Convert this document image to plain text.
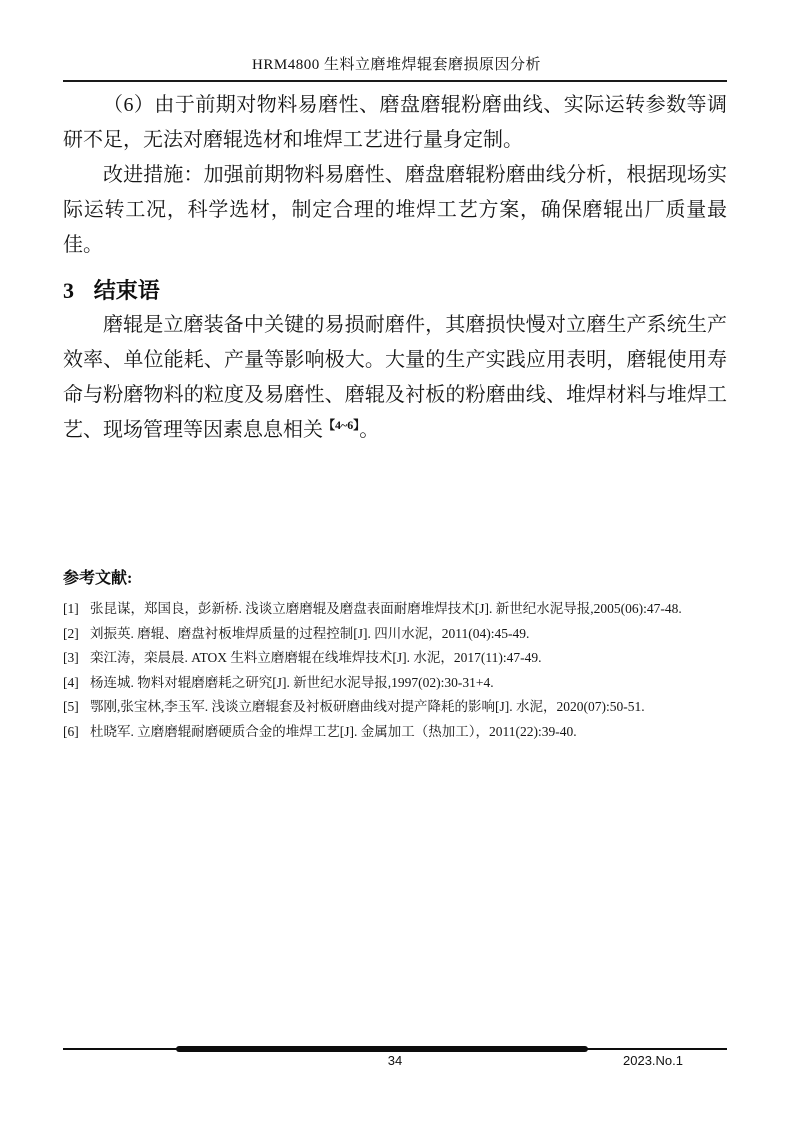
HRM4800 生料立磨堆焊辊套磨损原因分析

（6）由于前期对物料易磨性、磨盘磨辊粉磨曲线、实际运转参数等调研不足，无法对磨辊选材和堆焊工艺进行量身定制。

改进措施：加强前期物料易磨性、磨盘磨辊粉磨曲线分析，根据现场实际运转工况，科学选材，制定合理的堆焊工艺方案，确保磨辊出厂质量最佳。

3 结束语

磨辊是立磨装备中关键的易损耐磨件，其磨损快慢对立磨生产系统生产效率、单位能耗、产量等影响极大。大量的生产实践应用表明，磨辊使用寿命与粉磨物料的粒度及易磨性、磨辊及衬板的粉磨曲线、堆焊材料与堆焊工艺、现场管理等因素息息相关$^{【4\sim 6】}$。

参考文献:
[1] 张昆谋，郑国良，彭新桥. 浅谈立磨磨辊及磨盘表面耐磨堆焊技术[J]. 新世纪水泥导报,2005(06):47-48.
[2] 刘振英. 磨辊、磨盘衬板堆焊质量的过程控制[J]. 四川水泥，2011(04):45-49.
[3] 栾江涛，栾晨晨. ATOX 生料立磨磨辊在线堆焊技术[J]. 水泥，2017(11):47-49.
[4] 杨连城. 物料对辊磨磨耗之研究[J]. 新世纪水泥导报,1997(02):30-31+4.
[5] 鄂刚,张宝林,李玉军. 浅谈立磨辊套及衬板研磨曲线对提产降耗的影响[J]. 水泥，2020(07):50-51.
[6] 杜晓军. 立磨磨辊耐磨硬质合金的堆焊工艺[J]. 金属加工（热加工），2011(22):39-40.
34	2023.No.1
